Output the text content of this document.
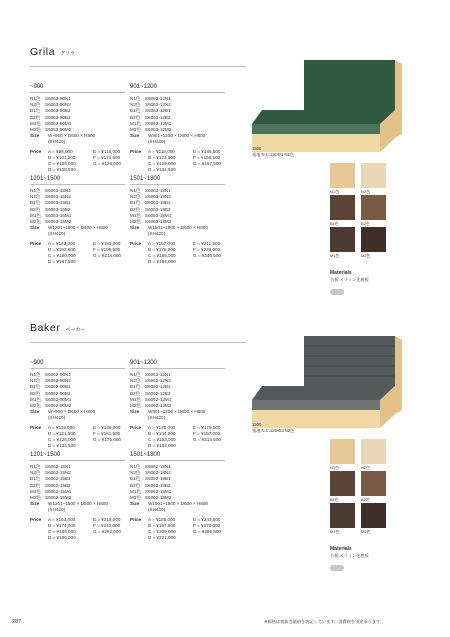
Grila グリラ
~900
N1色 S6063-90N1
N2色 S6063-90N2
B1色 S6063-90B1
B2色 S6063-90B2
M1色 S6063-90M1
M2色 S6063-90M2
Size W~900 × D600 × H800
(SH420)
Price A = ¥98,000	E = ¥115,000
B = ¥101,500	F = ¥121,500
C = ¥105,000	G = ¥128,000
D = ¥108,500
901~1200
N1色 S6063-12N1
N2色 S6063-12N2
B1色 S6063-12B1
B2色 S6063-12B2
M1色 S6063-12M1
M2色 S6063-12M2
Size W901~1200 × D600 × H800
(SH420)
Price A = ¥118,000	E = ¥145,500
B = ¥123,500	F = ¥156,500
C = ¥129,000	G = ¥167,500
D = ¥134,500
1201~1500
N1色 S6063-15N1
N2色 S6063-15N2
B1色 S6063-15B1
B2色 S6063-15B2
M1色 S6063-15M1
M2色 S6063-15M2
Size W1201~1500 × D600 × H800
(SH420)
Price A = ¥143,000	E = ¥183,000
B = ¥152,500	F = ¥198,500
C = ¥160,000	G = ¥214,000
D = ¥167,500
1501~1800
N1色 S6063-18N1
N2色 S6063-18N2
B1色 S6063-18B1
B2色 S6063-18B2
M1色 S6063-18M1
M2色 S6063-18M2
Size W1501~1800 × D600 × H800
(SH420)
Price A = ¥167,000	E = ¥211,500
B = ¥176,000	F = ¥229,000
C = ¥185,000	G = ¥246,500
D = ¥194,000
1500
張地 N.C.116-D1 N1色
N1色	N2色
B1色	B2色
M1色	M2色
Materials
合板:メラミン化粧板
Baker ベーカー
~900
N1色 S6062-90N1
N2色 S6062-90N2
B1色 S6062-90B1
B2色 S6062-90B2
M1色 S6062-90M1
M2色 S6062-90M2
Size W~900 × D600 × H800
(SH420)
Price A = ¥115,000	E = ¥148,000
B = ¥121,500	F = ¥161,500
C = ¥128,000	G = ¥175,000
D = ¥134,500
901~1200
N1色 S6062-12N1
N2色 S6062-12N2
B1色 S6062-12B1
B2色 S6062-12B2
M1色 S6062-12M1
M2色 S6062-12M2
Size W901~1200 × D600 × H800
(SH420)
Price A = ¥135,000	E = ¥179,500
B = ¥144,000	F = ¥197,000
C = ¥153,000	G = ¥214,500
D = ¥162,000
1201~1500
N1色 S6062-15N1
N2色 S6062-15N2
B1色 S6062-15B1
B2色 S6062-15B2
M1色 S6062-15M1
M2色 S6062-15M2
Size W1201~1500 × D600 × H800
(SH420)
Price A = ¥163,000	E = ¥218,000
B = ¥174,000	F = ¥240,000
C = ¥185,000	G = ¥262,000
D = ¥196,000
1501~1800
N1色 S6062-18N1
N2色 S6062-18N2
B1色 S6062-18B1
B2色 S6062-18B2
M1色 S6062-18M1
M2色 S6062-18M2
Size W1501~1800 × D600 × H800
(SH420)
Price A = ¥185,000	E = ¥243,500
B = ¥197,000	F = ¥270,000
C = ¥209,000	G = ¥296,500
D = ¥221,000
1500
張地 N.C.126-D3 N2色
N1色	N2色
B1色	B2色
M1色	M2色
Materials
合板:メラミン化粧板
287	※価格は税抜き価格を表記しています。消費税を別途承ります。
